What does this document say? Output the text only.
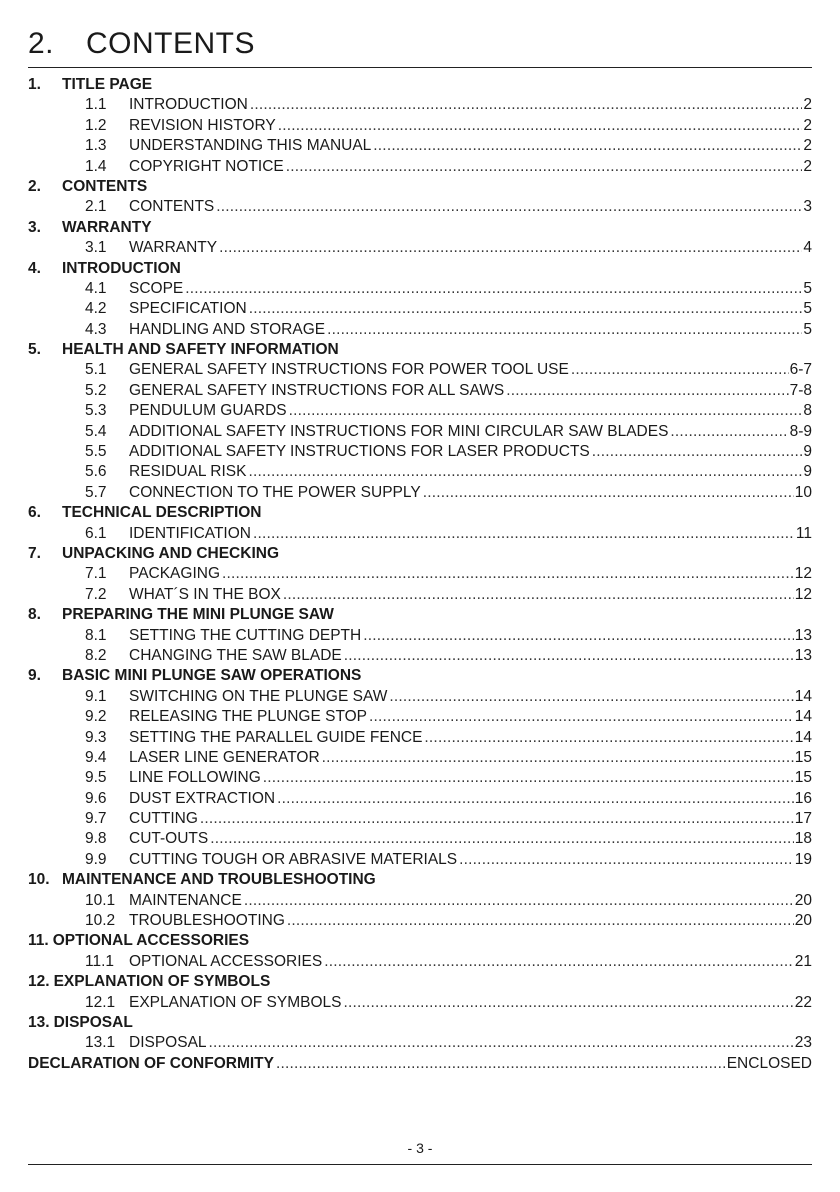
2. CONTENTS
1.	TITLE PAGE
1.1	INTRODUCTION .....	2
1.2	REVISION HISTORY .....	2
1.3	UNDERSTANDING THIS MANUAL .....	2
1.4	COPYRIGHT NOTICE .....	2
2.	CONTENTS
2.1	CONTENTS .....	3
3.	WARRANTY
3.1	WARRANTY .....	4
4.	INTRODUCTION
4.1	SCOPE .....	5
4.2	SPECIFICATION .....	5
4.3	HANDLING AND STORAGE .....	5
5.	HEALTH AND SAFETY INFORMATION
5.1	GENERAL SAFETY INSTRUCTIONS FOR POWER TOOL USE .....	6-7
5.2	GENERAL SAFETY INSTRUCTIONS FOR ALL SAWS .....	7-8
5.3	PENDULUM GUARDS .....	8
5.4	ADDITIONAL SAFETY INSTRUCTIONS FOR MINI CIRCULAR SAW BLADES .....	8-9
5.5	ADDITIONAL SAFETY INSTRUCTIONS FOR LASER PRODUCTS .....	9
5.6	RESIDUAL RISK .....	9
5.7	CONNECTION TO THE POWER SUPPLY .....	10
6.	TECHNICAL DESCRIPTION
6.1	IDENTIFICATION .....	11
7.	UNPACKING AND CHECKING
7.1	PACKAGING .....	12
7.2	WHAT´S IN THE BOX .....	12
8.	PREPARING THE MINI PLUNGE SAW
8.1	SETTING THE CUTTING DEPTH .....	13
8.2	CHANGING THE SAW BLADE .....	13
9.	BASIC MINI PLUNGE SAW OPERATIONS
9.1	SWITCHING ON THE PLUNGE SAW .....	14
9.2	RELEASING THE PLUNGE STOP .....	14
9.3	SETTING THE PARALLEL GUIDE FENCE .....	14
9.4	LASER LINE GENERATOR .....	15
9.5	LINE FOLLOWING .....	15
9.6	DUST EXTRACTION .....	16
9.7	CUTTING .....	17
9.8	CUT-OUTS .....	18
9.9	CUTTING TOUGH OR ABRASIVE MATERIALS .....	19
10. MAINTENANCE AND TROUBLESHOOTING
10.1 MAINTENANCE .....	20
10.2 TROUBLESHOOTING .....	20
11. OPTIONAL ACCESSORIES
11.1 OPTIONAL ACCESSORIES .....	21
12. EXPLANATION OF SYMBOLS
12.1 EXPLANATION OF SYMBOLS .....	22
13. DISPOSAL
13.1 DISPOSAL .....	23
DECLARATION OF CONFORMITY .....	ENCLOSED
- 3 -
